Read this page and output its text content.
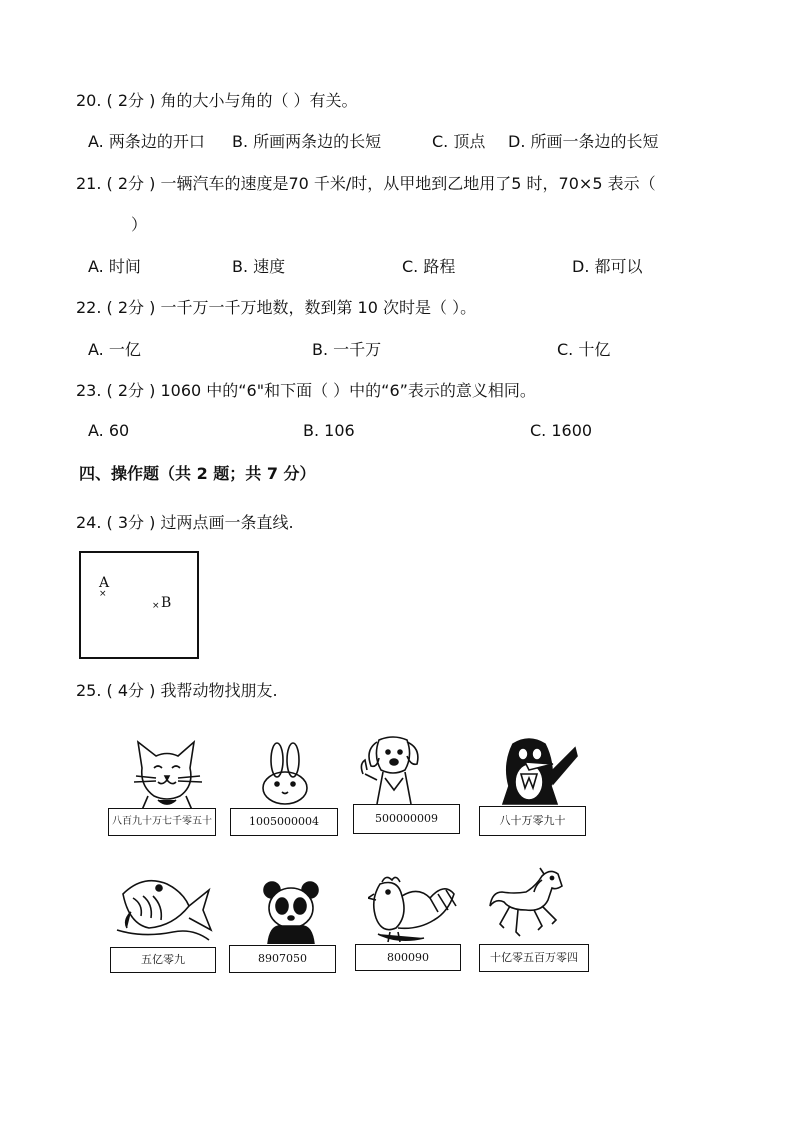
20. ( 2分 ) 角的大小与角的（ ）有关。
A. 两条边的开口 B. 所画两条边的长短	C. 顶点 D. 所画一条边的长短
21. ( 2分 ) 一辆汽车的速度是70 千米/时，从甲地到乙地用了5 时，70×5 表示（
）
A. 时间	B. 速度	C. 路程	D. 都可以
22. ( 2分 ) 一千万一千万地数，数到第 10 次时是（ ）。
A. 一亿	B. 一千万	C. 十亿
23. ( 2分 ) 1060 中的“6"和下面（ ）中的“6”表示的意义相同。
A. 60	B. 106	C. 1600
四、操作题（共 2 题；共 7 分）
24. ( 3分 ) 过两点画一条直线.
A
×
× B
25. ( 4分 ) 我帮动物找朋友.
八百九十万七千零五十	1005000004	500000009	八十万零九十
五亿零九	8907050	800090	十亿零五百万零四
